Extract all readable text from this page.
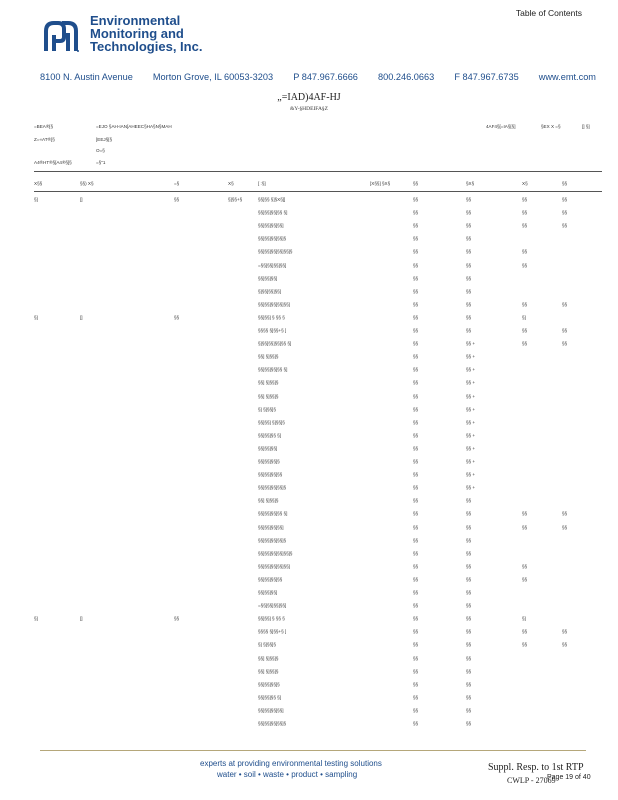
Table of Contents
Environmental
Monitoring and
Technologies, Inc.
8100 N. Austin Avenue Morton Grove, IL 60053-3203 P 847.967.6666 800.246.0663 F 847.967.6735 www.emt.com
„=IAD)4AF-HJ
&Y-§HDEIFA§Z
=BEA®[§
Z=«AT®[§
A4®HT®§[A4®§[§
=EJO §AH-IAN[AHEEC§HA§N§MAH
[EEJ§[§
O=§
=§"1
4AF4§[=IA§[§]	§EX X =§	[] §]
X§§	§§) X§	=§	X§	[ :§]	[X§§] §X§	§§	§X§	X§	§§
§]	[]	§§	§]§§+§	§§]§§ §]§X§]]	§§	§§	§§	§§
§§]§§]§§]§§ §]	§§	§§	§§	§§
§§]§§]§§]§§]	§§	§§	§§	§§
§§]§§]§§]§§]§	§§	§§
§§]§§]§§]§§]§§]§	§§	§§	§§
=§§]§§]§§]§§]	§§	§§	§§
§§]§§]§§]	§§	§§
§]§§]§§]§§]	§§	§§
§§]§§]§§]§§]§§]	§§	§§	§§	§§
§]	[]	§§	§§]§§] § §§ §	§§	§§	§]
§§§§ §]§§+§ ]	§§	§§	§§	§§
§]§§]§§]§§]§§ §]	§§	§§ +	§§	§§
§§] §]§§]§	§§	§§ +
§§]§§]§§]§§ §]	§§	§§ +
§§] §]§§]§	§§	§§ +
§§] §]§§]§	§§	§§ +
§] §]§§]§	§§	§§ +
§§]§§] §]§§]§	§§	§§ +
§§]§§]§§ §]	§§	§§ +
§§]§§]§§]	§§	§§ +
§§]§§]§§]§	§§	§§ +
§§]§§]§§]§§	§§	§§ +
§§]§§]§§]§§]§	§§	§§ +
§§] §]§§]§	§§	§§
§§]§§]§§]§§ §]	§§	§§	§§	§§
§§]§§]§§]§§]	§§	§§	§§	§§
§§]§§]§§]§§]§	§§	§§
§§]§§]§§]§§]§§]§	§§	§§
§§]§§]§§]§§]§§]	§§	§§	§§
§§]§§]§§]§§	§§	§§	§§
§§]§§]§§]	§§	§§
=§§]§§]§§]§§]	§§	§§
§]	[]	§§	§§]§§] § §§ §	§§	§§	§]
§§§§ §]§§+§ ]	§§	§§	§§	§§
§] §]§§]§	§§	§§	§§	§§
§§] §]§§]§	§§	§§
§§] §]§§]§	§§	§§
§§]§§]§§]§	§§	§§
§§]§§]§§ §]	§§	§§
§§]§§]§§]§§]	§§	§§
§§]§§]§§]§§]§	§§	§§
experts at providing environmental testing solutions
water • soil • waste • product • sampling
Suppl. Resp. to 1st RTP
CWLP - 27069
Page 19 of 40
